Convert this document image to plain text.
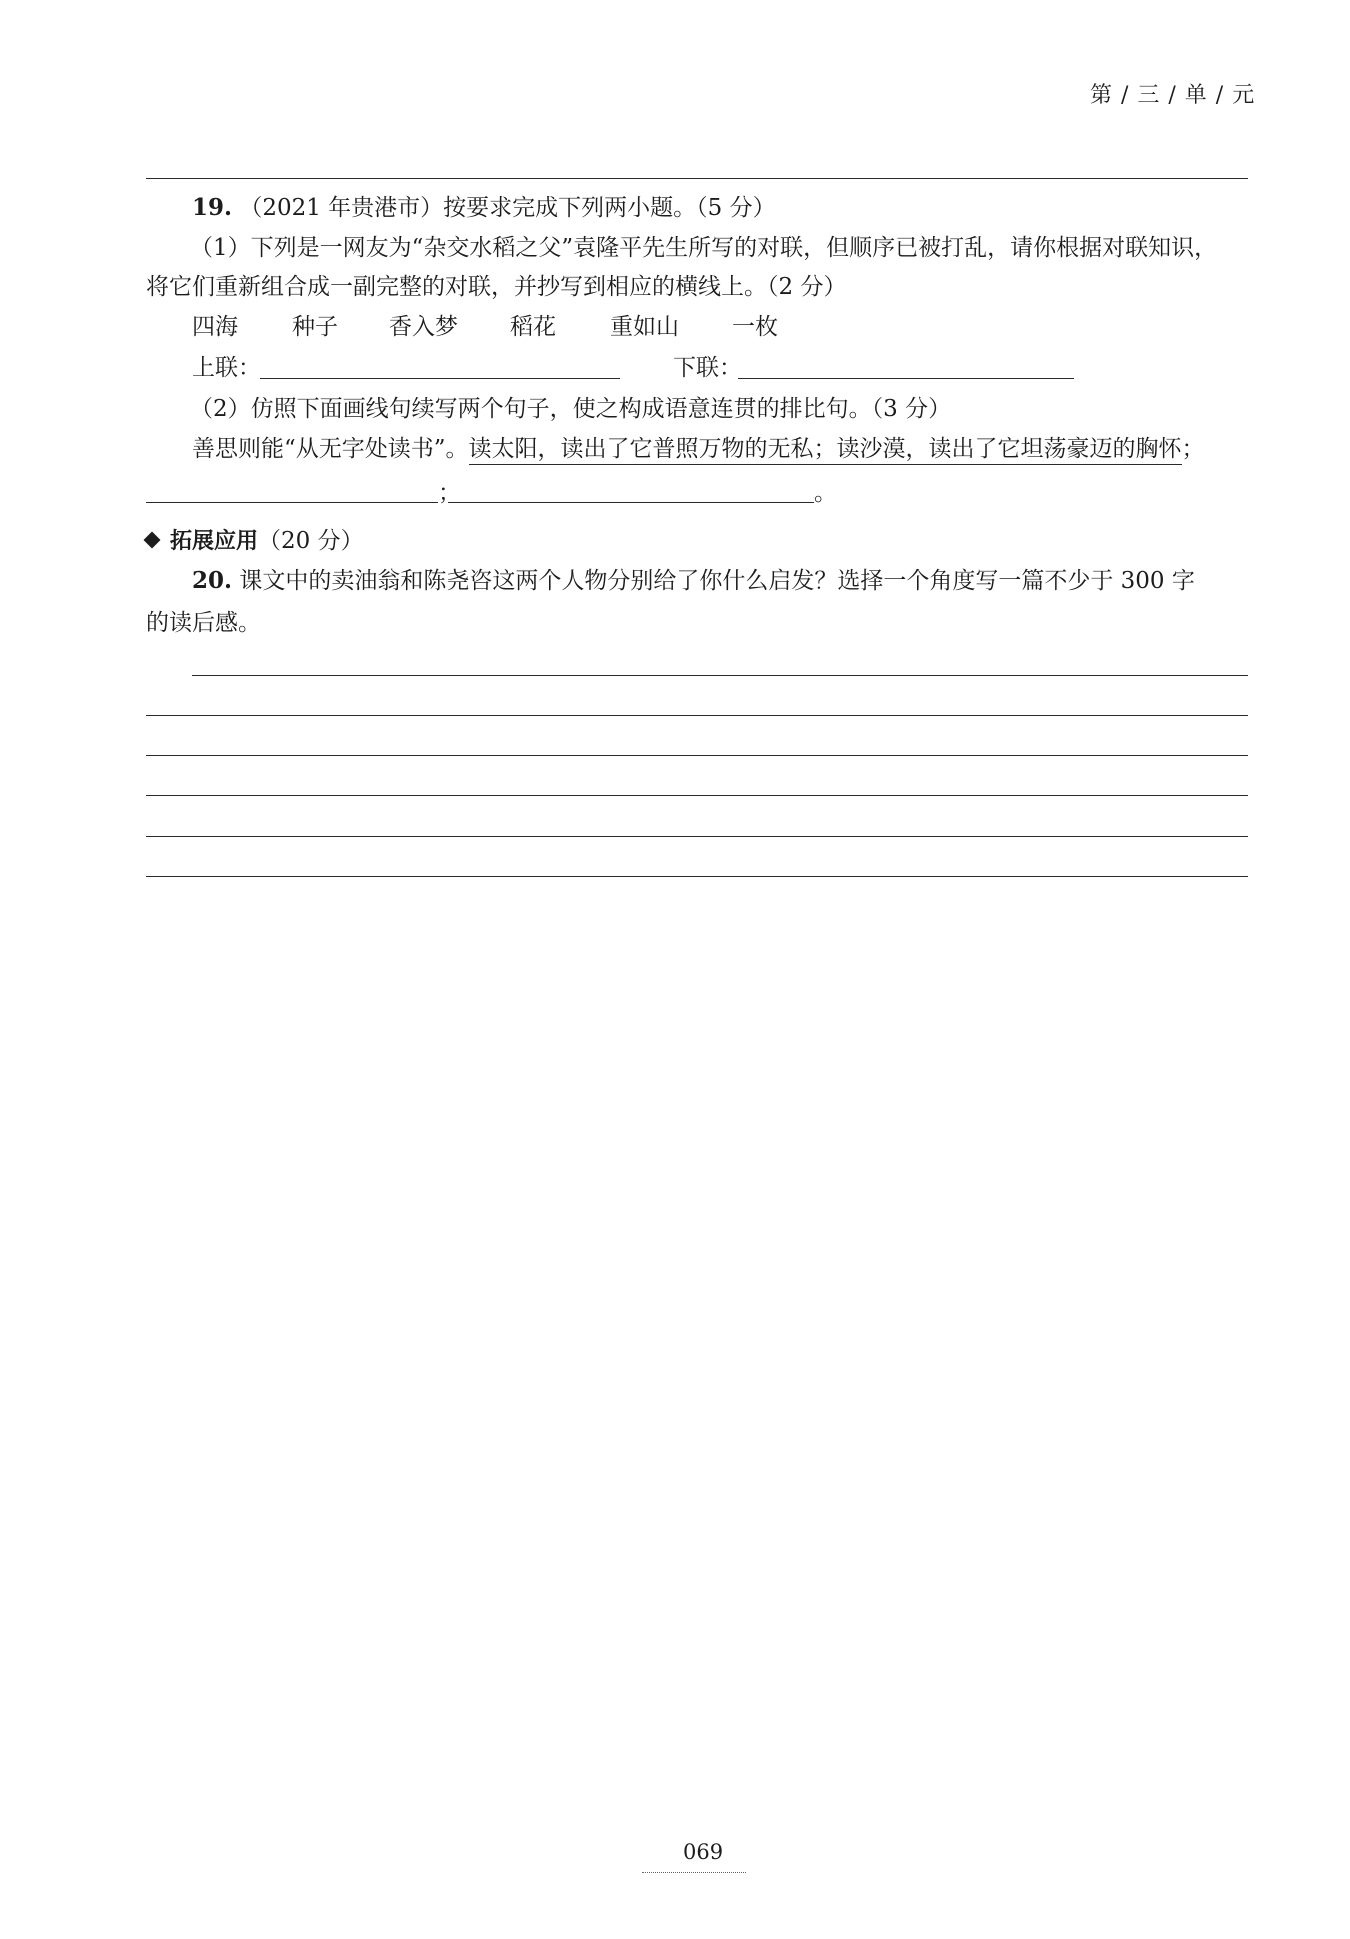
第 / 三 / 单 / 元
19. （2021 年贵港市）按要求完成下列两小题。（5 分）
（1）下列是一网友为“杂交水稻之父”袁隆平先生所写的对联，但顺序已被打乱，请你根据对联知识，
将它们重新组合成一副完整的对联，并抄写到相应的横线上。（2 分）
四海 种子 香入梦 稻花 重如山 一枚
上联：	下联：
（2）仿照下面画线句续写两个句子，使之构成语意连贯的排比句。（3 分）
善思则能“从无字处读书”。读太阳，读出了它普照万物的无私；读沙漠，读出了它坦荡豪迈的胸怀；
；	。
拓展应用（20 分）
20. 课文中的卖油翁和陈尧咨这两个人物分别给了你什么启发？选择一个角度写一篇不少于 300 字
的读后感。
069
